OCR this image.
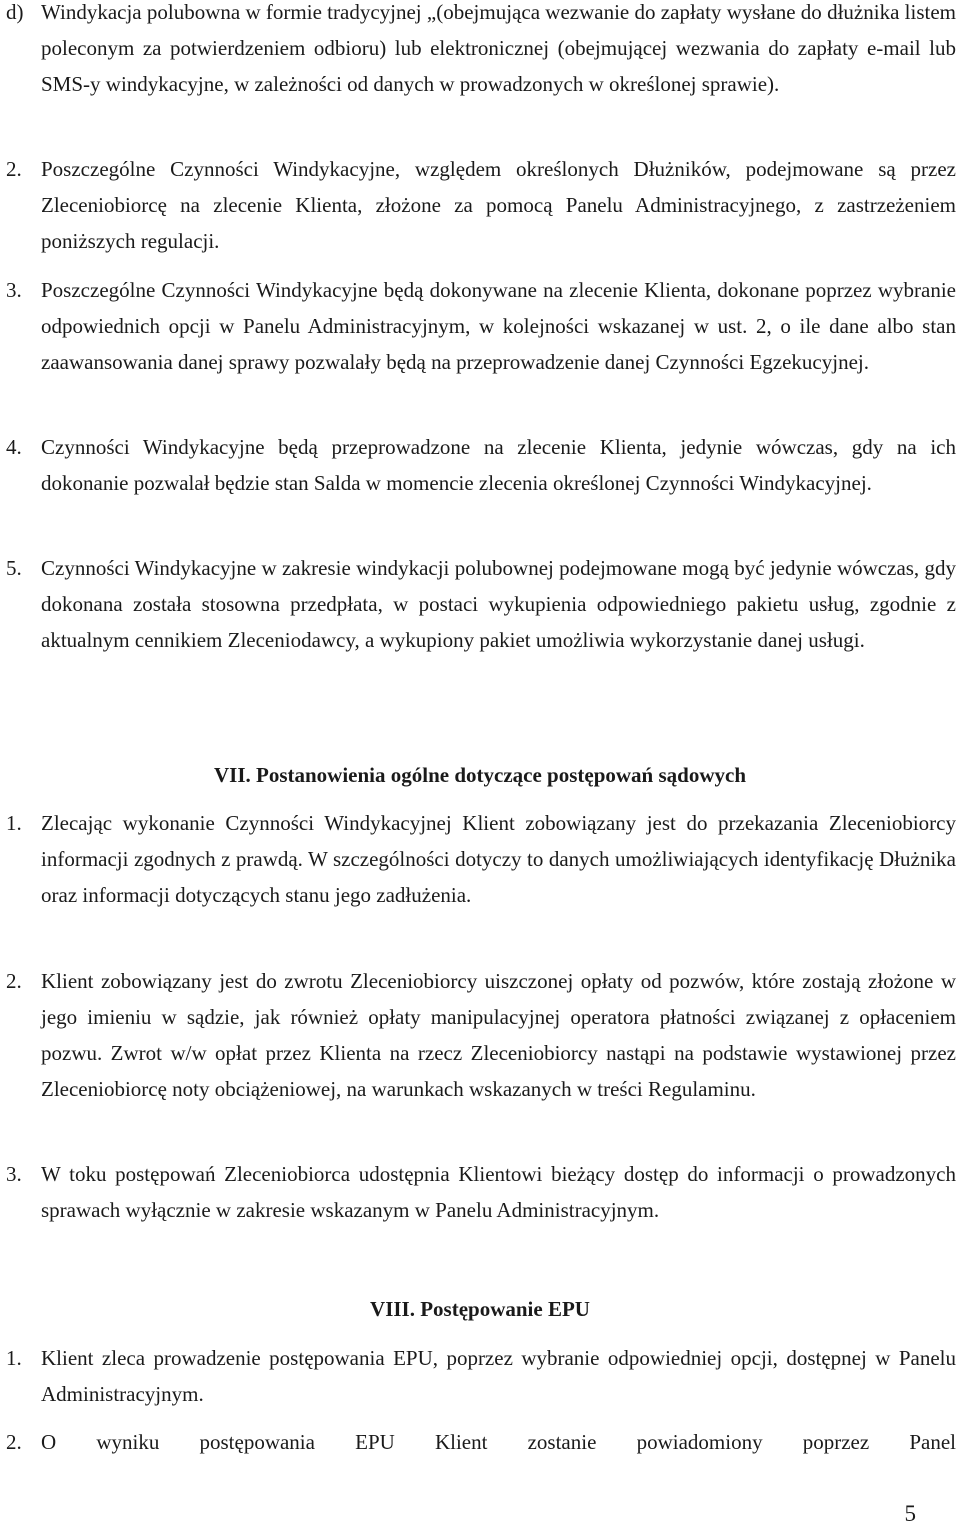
d) Windykacja polubowna w formie tradycyjnej „(obejmująca wezwanie do zapłaty wysłane do dłużnika listem poleconym za potwierdzeniem odbioru) lub elektronicznej (obejmującej wezwania do zapłaty e-mail lub SMS-y windykacyjne, w zależności od danych w prowadzonych w określonej sprawie).
2. Poszczególne Czynności Windykacyjne, względem określonych Dłużników, podejmowane są przez Zleceniobiorcę na zlecenie Klienta, złożone za pomocą Panelu Administracyjnego, z zastrzeżeniem poniższych regulacji.
3. Poszczególne Czynności Windykacyjne będą dokonywane na zlecenie Klienta, dokonane poprzez wybranie odpowiednich opcji w Panelu Administracyjnym, w kolejności wskazanej w ust. 2, o ile dane albo stan zaawansowania danej sprawy pozwalały będą na przeprowadzenie danej Czynności Egzekucyjnej.
4. Czynności Windykacyjne będą przeprowadzone na zlecenie Klienta, jedynie wówczas, gdy na ich dokonanie pozwalał będzie stan Salda w momencie zlecenia określonej Czynności Windykacyjnej.
5. Czynności Windykacyjne w zakresie windykacji polubownej podejmowane mogą być jedynie wówczas, gdy dokonana została stosowna przedpłata, w postaci wykupienia odpowiedniego pakietu usług, zgodnie z aktualnym cennikiem Zleceniodawcy, a wykupiony pakiet umożliwia wykorzystanie danej usługi.
VII. Postanowienia ogólne dotyczące postępowań sądowych
1. Zlecając wykonanie Czynności Windykacyjnej Klient zobowiązany jest do przekazania Zleceniobiorcy informacji zgodnych z prawdą. W szczególności dotyczy to danych umożliwiających identyfikację Dłużnika oraz informacji dotyczących stanu jego zadłużenia.
2. Klient zobowiązany jest do zwrotu Zleceniobiorcy uiszczonej opłaty od pozwów, które zostają złożone w jego imieniu w sądzie, jak również opłaty manipulacyjnej operatora płatności związanej z opłaceniem pozwu. Zwrot w/w opłat przez Klienta na rzecz Zleceniobiorcy nastąpi na podstawie wystawionej przez Zleceniobiorcę noty obciążeniowej, na warunkach wskazanych w treści Regulaminu.
3. W toku postępowań Zleceniobiorca udostępnia Klientowi bieżący dostęp do informacji o prowadzonych sprawach wyłącznie w zakresie wskazanym w Panelu Administracyjnym.
VIII. Postępowanie EPU
1. Klient zleca prowadzenie postępowania EPU, poprzez wybranie odpowiedniej opcji, dostępnej w Panelu Administracyjnym.
2. O wyniku postępowania EPU Klient zostanie powiadomiony poprzez Panel
5
